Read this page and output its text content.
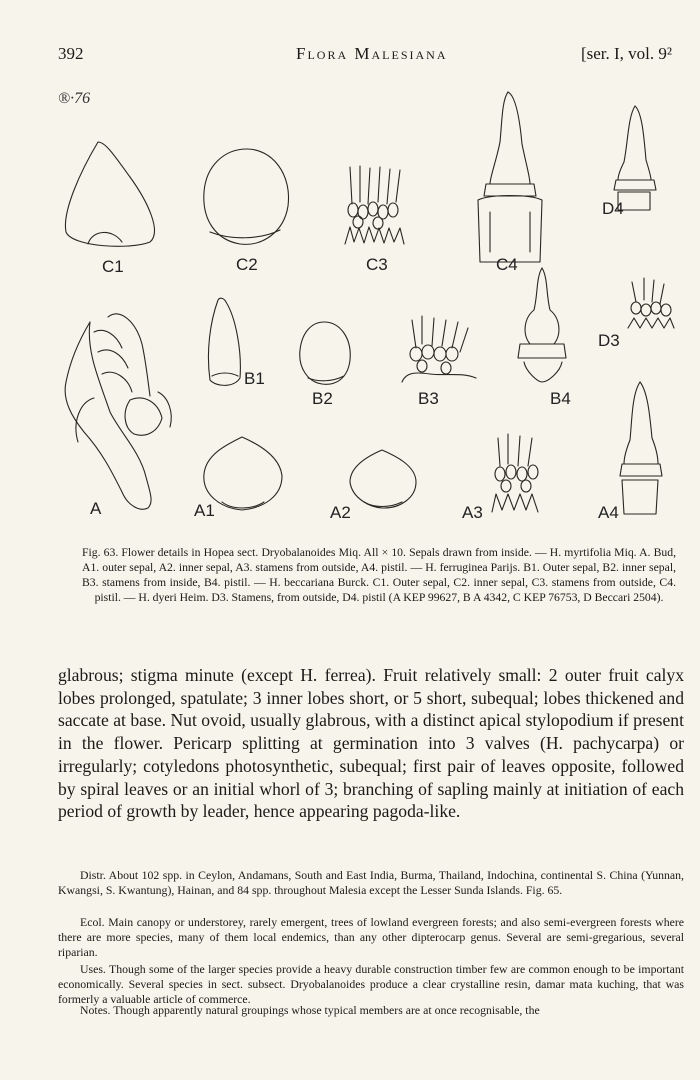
392	Flora Malesiana	[ser. I, vol. 9²
®·76
C1	C2	C3	C4
D4
B1
B2	B3	B4
D3
A	A1	A2	A3	A4
Fig. 63. Flower details in Hopea sect. Dryobalanoides Miq. All × 10. Sepals drawn from inside. — H. myrtifolia Miq. A. Bud, A1. outer sepal, A2. inner sepal, A3. stamens from outside, A4. pistil. — H. ferruginea Parijs. B1. Outer sepal, B2. inner sepal, B3. stamens from inside, B4. pistil. — H. beccariana Burck. C1. Outer sepal, C2. inner sepal, C3. stamens from outside, C4. pistil. — H. dyeri Heim. D3. Stamens, from outside, D4. pistil (A KEP 99627, B A 4342, C KEP 76753, D Beccari 2504).
glabrous; stigma minute (except H. ferrea). Fruit relatively small: 2 outer fruit calyx lobes prolonged, spatulate; 3 inner lobes short, or 5 short, subequal; lobes thickened and saccate at base. Nut ovoid, usually glabrous, with a distinct apical stylopodium if present in the flower. Pericarp splitting at germination into 3 valves (H. pachycarpa) or irregularly; cotyledons photosynthetic, subequal; first pair of leaves opposite, followed by spiral leaves or an initial whorl of 3; branching of sapling mainly at initiation of each period of growth by leader, hence appearing pagoda-like.
Distr. About 102 spp. in Ceylon, Andamans, South and East India, Burma, Thailand, Indochina, continental S. China (Yunnan, Kwangsi, S. Kwantung), Hainan, and 84 spp. throughout Malesia except the Lesser Sunda Islands. Fig. 65.
Ecol. Main canopy or understorey, rarely emergent, trees of lowland evergreen forests; and also semi-evergreen forests where there are more species, many of them local endemics, than any other dipterocarp genus. Several are semi-gregarious, several riparian.
Uses. Though some of the larger species provide a heavy durable construction timber few are common enough to be important economically. Several species in sect. subsect. Dryobalanoides produce a clear crystalline resin, damar mata kuching, that was formerly a valuable article of commerce.
Notes. Though apparently natural groupings whose typical members are at once recognisable, the
